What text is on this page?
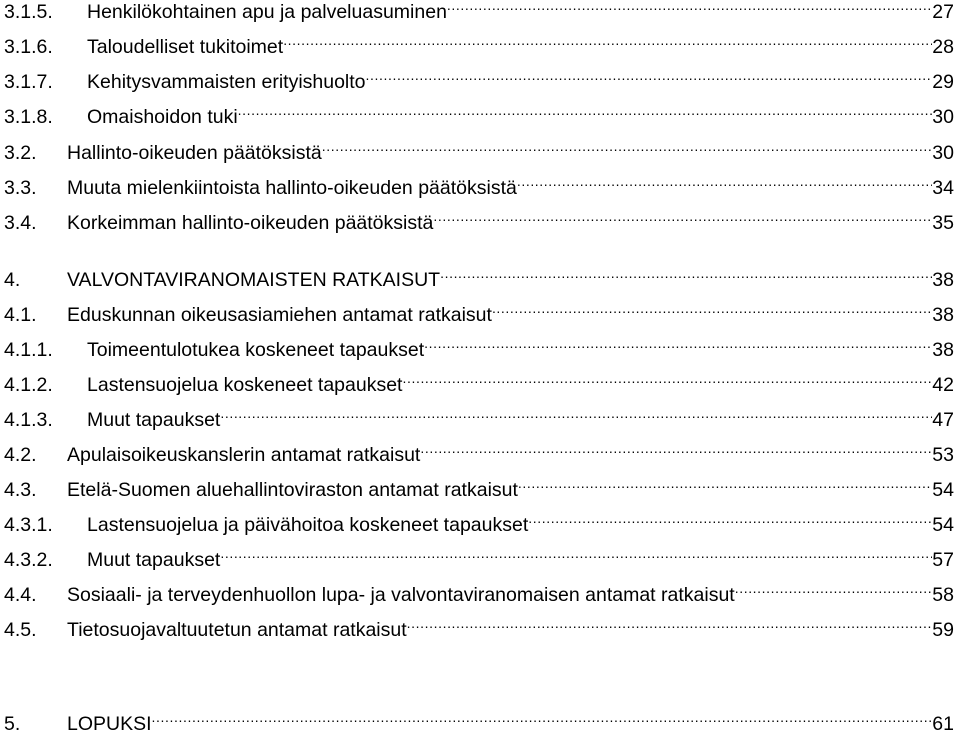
3.1.5.	Henkilökohtainen apu ja palveluasuminen .....	27
3.1.6.	Taloudelliset tukitoimet .....	28
3.1.7.	Kehitysvammaisten erityishuolto .....	29
3.1.8.	Omaishoidon tuki .....	30
3.2.	Hallinto-oikeuden päätöksistä .....	30
3.3.	Muuta mielenkiintoista hallinto-oikeuden päätöksistä .....	34
3.4.	Korkeimman hallinto-oikeuden päätöksistä .....	35
4.	VALVONTAVIRANOMAISTEN RATKAISUT .....	38
4.1.	Eduskunnan oikeusasiamiehen antamat ratkaisut .....	38
4.1.1.	Toimeentulotukea koskeneet tapaukset .....	38
4.1.2.	Lastensuojelua koskeneet tapaukset .....	42
4.1.3.	Muut tapaukset .....	47
4.2.	Apulaisoikeuskanslerin antamat ratkaisut .....	53
4.3.	Etelä-Suomen aluehallintoviraston antamat ratkaisut .....	54
4.3.1.	Lastensuojelua ja päivähoitoa koskeneet tapaukset .....	54
4.3.2.	Muut tapaukset .....	57
4.4.	Sosiaali- ja terveydenhuollon lupa- ja valvontaviranomaisen antamat ratkaisut .....	58
4.5.	Tietosuojavaltuutetun antamat ratkaisut .....	59
5.	LOPUKSI .....	61
